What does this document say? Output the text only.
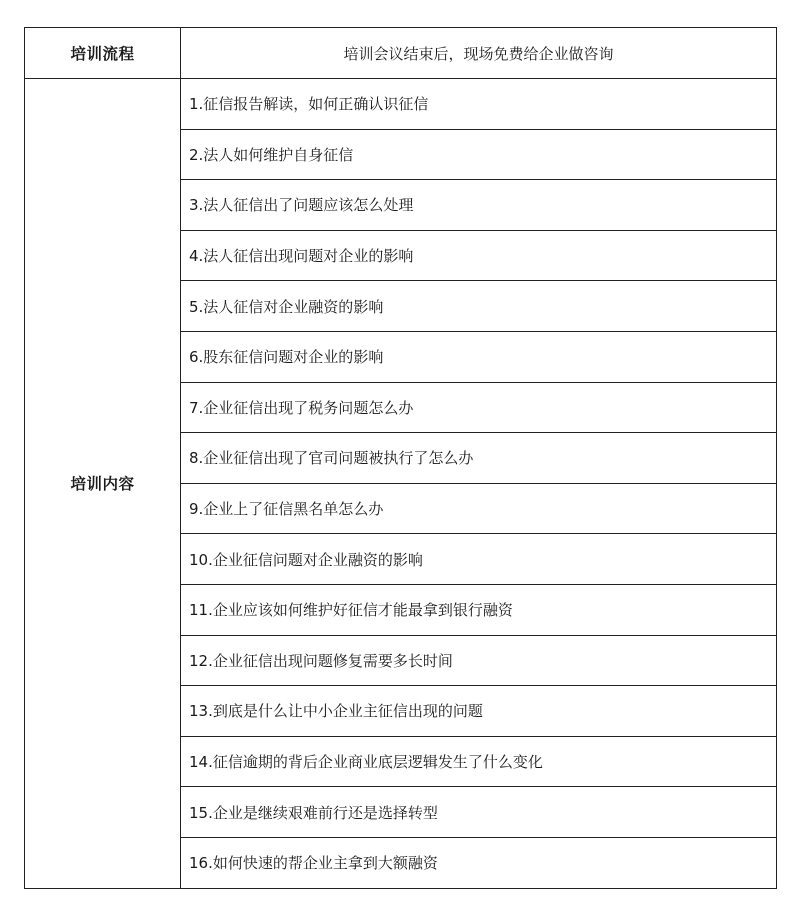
培训流程	培训会议结束后，现场免费给企业做咨询
培训内容	1.征信报告解读，如何正确认识征信
	2.法人如何维护自身征信
	3.法人征信出了问题应该怎么处理
	4.法人征信出现问题对企业的影响
	5.法人征信对企业融资的影响
	6.股东征信问题对企业的影响
	7.企业征信出现了税务问题怎么办
	8.企业征信出现了官司问题被执行了怎么办
	9.企业上了征信黑名单怎么办
	10.企业征信问题对企业融资的影响
	11.企业应该如何维护好征信才能最拿到银行融资
	12.企业征信出现问题修复需要多长时间
	13.到底是什么让中小企业主征信出现的问题
	14.征信逾期的背后企业商业底层逻辑发生了什么变化
	15.企业是继续艰难前行还是选择转型
	16.如何快速的帮企业主拿到大额融资
